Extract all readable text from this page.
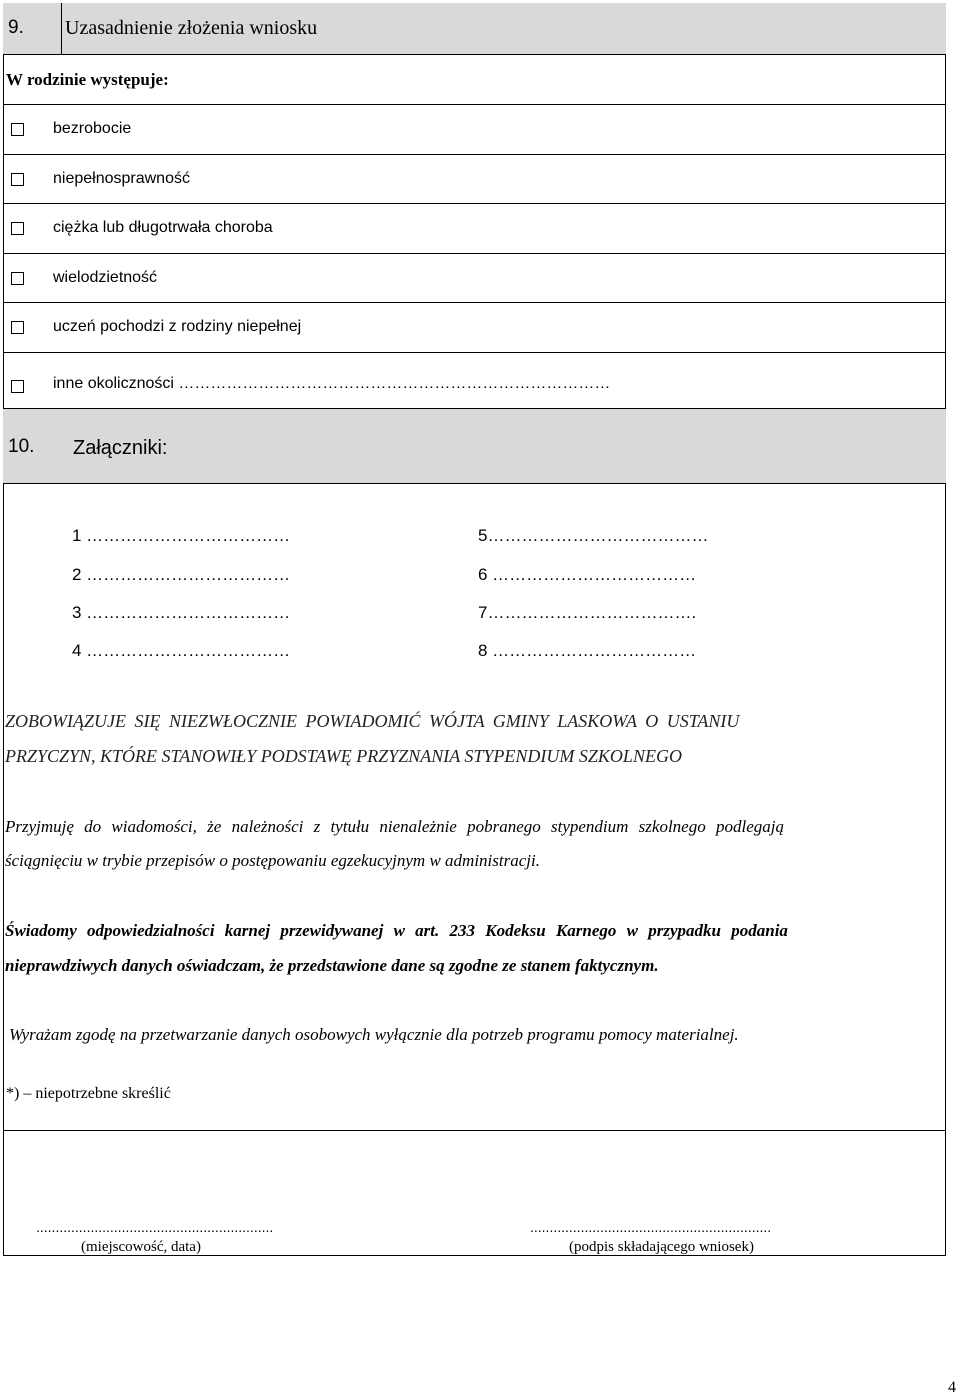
9. Uzasadnienie złożenia wniosku
W rodzinie występuje:
bezrobocie
niepełnosprawność
ciężka lub długotrwała choroba
wielodzietność
uczeń pochodzi z rodziny niepełnej
inne okoliczności ………………………………………………………………………
10. Załączniki:
1 ………………………………
2 ………………………………
3 ………………………………
4 ………………………………
5…………………………………
6 ………………………………
7……………………………….
8 ………………………………
ZOBOWIĄZUJE SIĘ NIEZWŁOCZNIE POWIADOMIĆ WÓJTA GMINY LASKOWA O USTANIU
PRZYCZYN, KTÓRE STANOWIŁY PODSTAWĘ PRZYZNANIA STYPENDIUM SZKOLNEGO
Przyjmuję do wiadomości, że należności z tytułu nienależnie pobranego stypendium szkolnego podlegają
ściągnięciu w trybie przepisów o postępowaniu egzekucyjnym w administracji.
Świadomy odpowiedzialności karnej przewidywanej w art. 233 Kodeksu Karnego w przypadku podania
nieprawdziwych danych oświadczam, że przedstawione dane są zgodne ze stanem faktycznym.
Wyrażam zgodę na przetwarzanie danych osobowych wyłącznie dla potrzeb programu pomocy materialnej.
*) – niepotrzebne skreślić
.............................................................
(miejscowość, data)
..............................................................
(podpis składającego wniosek)
4
